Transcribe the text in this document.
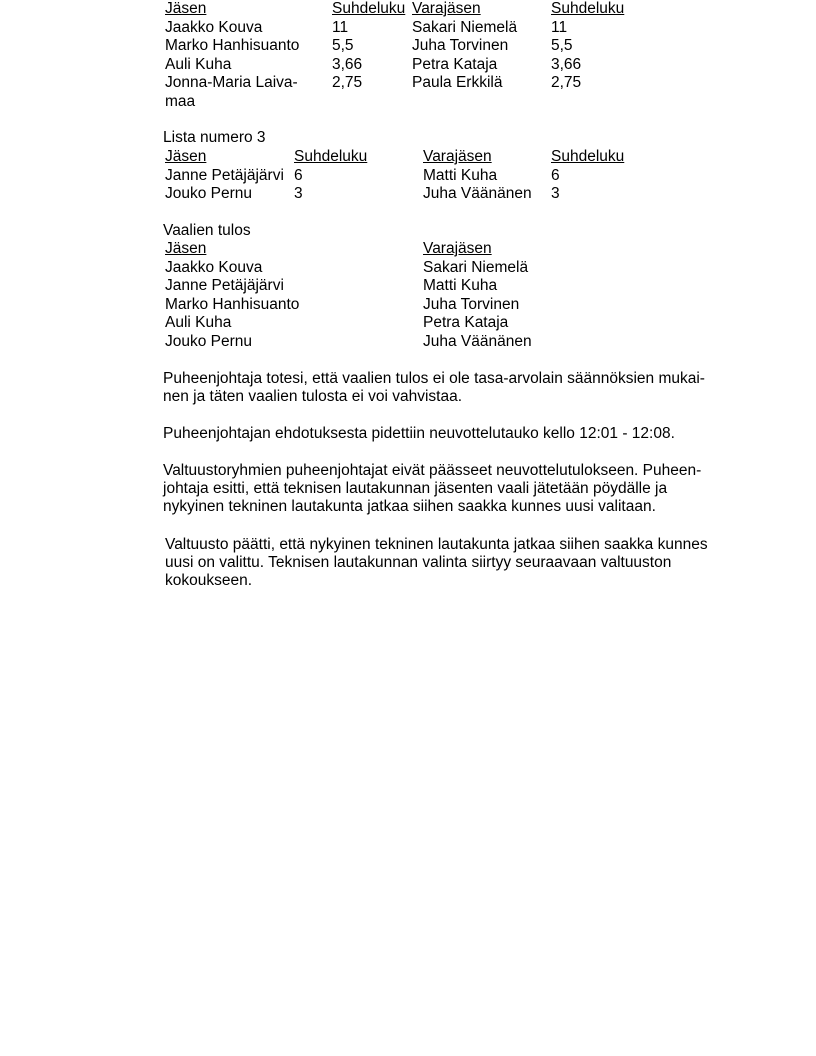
Jäsen	Suhdeluku	Varajäsen	Suhdeluku
Jaakko Kouva	11	Sakari Niemelä	11
Marko Hanhisuanto	5,5	Juha Torvinen	5,5
Auli Kuha	3,66	Petra Kataja	3,66
Jonna-Maria Laiva-	2,75	Paula Erkkilä	2,75
maa			
Lista numero 3
Jäsen	Suhdeluku	Varajäsen	Suhdeluku
Janne Petäjäjärvi	6	Matti Kuha	6
Jouko Pernu	3	Juha Väänänen	3
Vaalien tulos
Jäsen	Varajäsen
Jaakko Kouva	Sakari Niemelä
Janne Petäjäjärvi	Matti Kuha
Marko Hanhisuanto	Juha Torvinen
Auli Kuha	Petra Kataja
Jouko Pernu	Juha Väänänen
Puheenjohtaja totesi, että vaalien tulos ei ole tasa-arvolain säännöksien mukai-
nen ja täten vaalien tulosta ei voi vahvistaa.
Puheenjohtajan ehdotuksesta pidettiin neuvottelutauko kello 12:01 - 12:08.
Valtuustoryhmien puheenjohtajat eivät päässeet neuvottelutulokseen. Puheen-
johtaja esitti, että teknisen lautakunnan jäsenten vaali jätetään pöydälle ja
nykyinen tekninen lautakunta jatkaa siihen saakka kunnes uusi valitaan.
Valtuusto päätti, että nykyinen tekninen lautakunta jatkaa siihen saakka kunnes
uusi on valittu. Teknisen lautakunnan valinta siirtyy seuraavaan valtuuston
kokoukseen.
